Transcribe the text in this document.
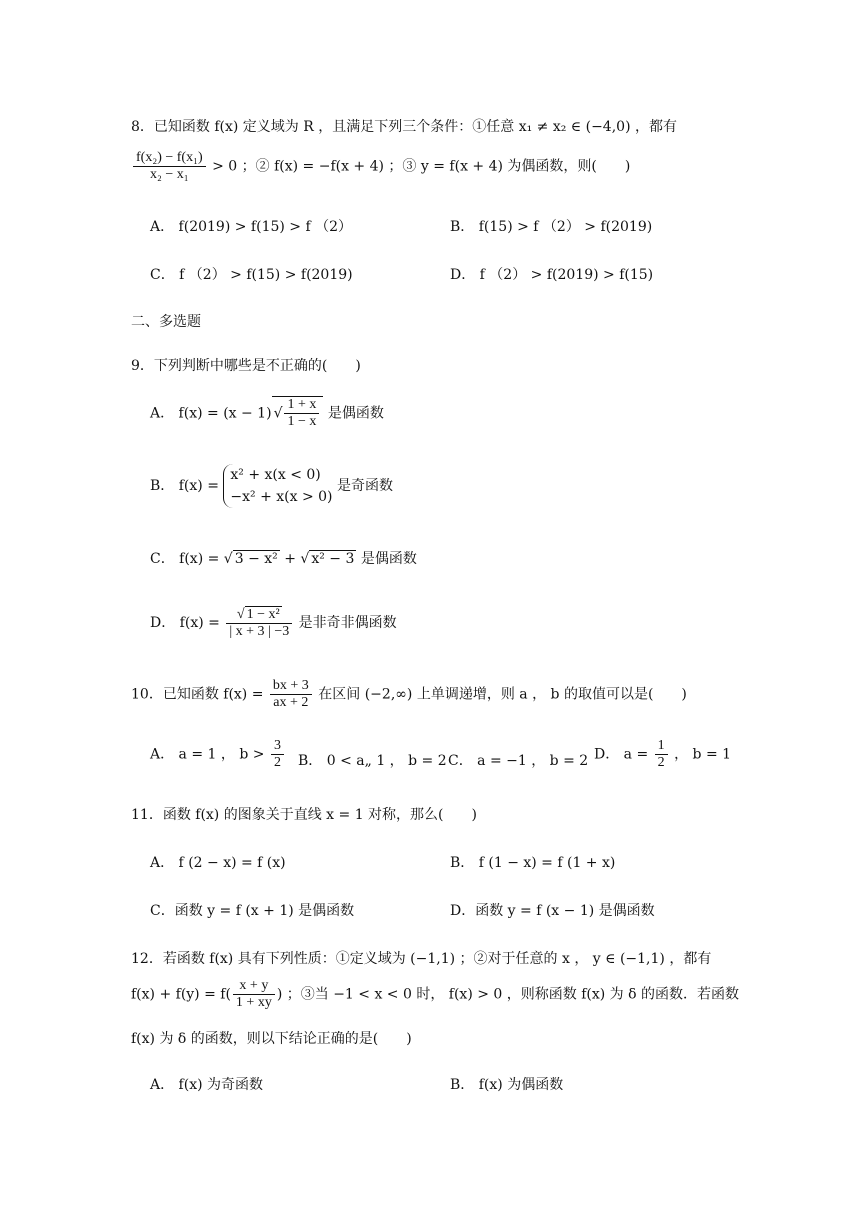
8．已知函数 f(x) 定义域为 R ，且满足下列三个条件：①任意 x₁ ≠ x₂ ∈ (−4,0) ，都有
$\frac{\text{f(x₂) − f(x₁)}}{\text{x₂ − x₁}} > 0$ ；② f(x) = −f(x + 4) ；③ y = f(x + 4) 为偶函数，则(　　)
A． f(2019) > f(15) > f （2）	B． f(15) > f （2） > f(2019)
C． f （2） > f(15) > f(2019)	D． f （2） > f(2019) > f(15)
二、多选题
9．下列判断中哪些是不正确的(　　)
A． f(x) = (x − 1) √ $\frac{1 + x}{1 - x}$ 是偶函数
B． f(x) =
x² + x(x < 0)
−x² + x(x > 0)
是奇函数
C． f(x) = √ 3 − x² + √ x² − 3 是偶函数
D． $f(x) = \frac{\text{√ 1 − x²}}{| x + 3 | -3}$ 是非奇非偶函数
10．已知函数 $f(x) = \frac{bx + 3}{ax + 2}$ 在区间 (−2,∞) 上单调递增，则 a ， b 的取值可以是(　　)
A． a = 1 ， $b > \frac{3}{2}$ B． 0 < a„ 1 ， b = 2 C． a = −1 ， b = 2 D． $a = \frac{1}{2}$ ， b = 1
11．函数 f(x) 的图象关于直线 x = 1 对称，那么(　　)
A． f (2 − x) = f (x)	B． f (1 − x) = f (1 + x)
C．函数 y = f (x + 1) 是偶函数	D．函数 y = f (x − 1) 是偶函数
12．若函数 f(x) 具有下列性质：①定义域为 (−1,1) ；②对于任意的 x ， y ∈ (−1,1) ，都有
$f(x) + f(y) = f( \frac{x + y}{1 + xy}$ ) ；③当 −1 < x < 0 时， f(x) > 0 ，则称函数 f(x) 为 δ 的函数．若函数
f(x) 为 δ 的函数，则以下结论正确的是(　　)
A． f(x) 为奇函数	B． f(x) 为偶函数
